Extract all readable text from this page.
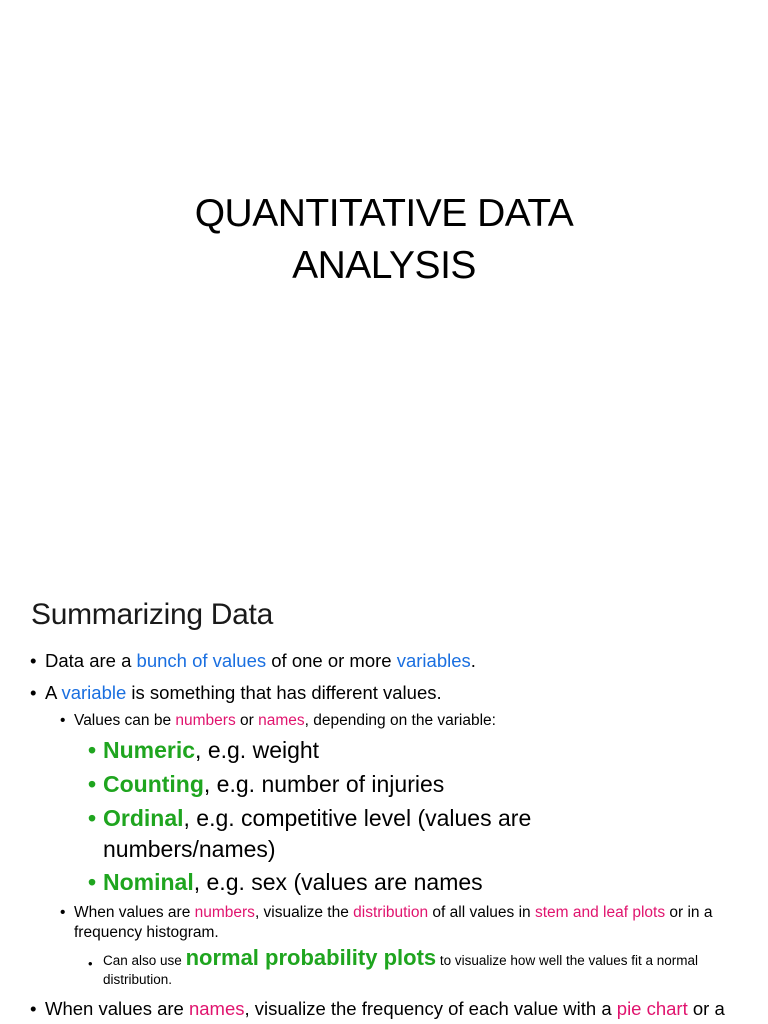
QUANTITATIVE DATA
ANALYSIS
Summarizing Data
• Data are a bunch of values of one or more variables.
• A variable is something that has different values.
• Values can be numbers or names, depending on the variable:
• Numeric, e.g. weight
• Counting, e.g. number of injuries
• Ordinal, e.g. competitive level (values are numbers/names)
• Nominal, e.g. sex (values are names
• When values are numbers, visualize the distribution of all values in stem and leaf plots or in a frequency histogram.
• Can also use normal probability plots to visualize how well the values fit a normal distribution.
• When values are names, visualize the frequency of each value with a pie chart or a
